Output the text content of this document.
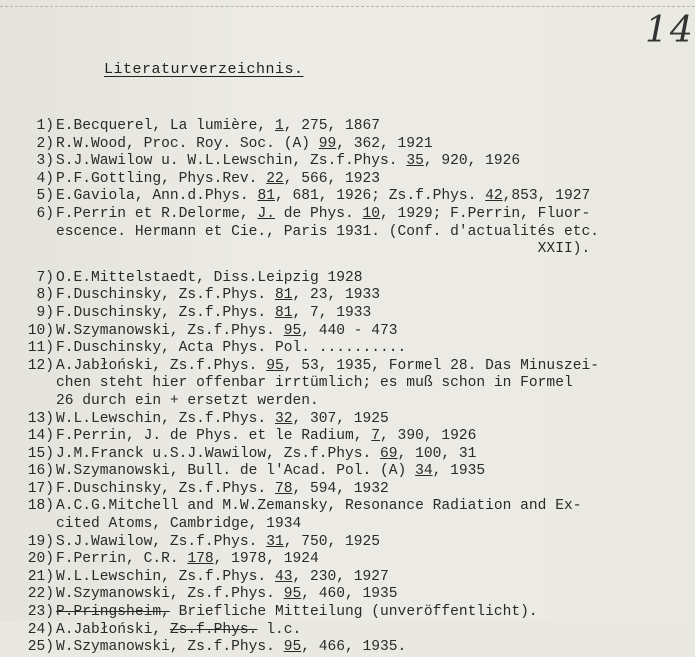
14
Literaturverzeichnis.
1) E.Becquerel, La lumière, 1, 275, 1867
2) R.W.Wood, Proc. Roy. Soc. (A) 99, 362, 1921
3) S.J.Wawilow u. W.L.Lewschin, Zs.f.Phys. 35, 920, 1926
4) P.F.Gottling, Phys.Rev. 22, 566, 1923
5) E.Gaviola, Ann.d.Phys. 81, 681, 1926; Zs.f.Phys. 42,853, 1927
6) F.Perrin et R.Delorme, J. de Phys. 10, 1929; F.Perrin, Fluor-
escence. Hermann et Cie., Paris 1931. (Conf. d'actualités etc.
XXII).
7) O.E.Mittelstaedt, Diss.Leipzig 1928
8) F.Duschinsky, Zs.f.Phys. 81, 23, 1933
9) F.Duschinsky, Zs.f.Phys. 81, 7, 1933
10) W.Szymanowski, Zs.f.Phys. 95, 440 - 473
11) F.Duschinsky, Acta Phys. Pol. ..........
12) A.Jabłoński, Zs.f.Phys. 95, 53, 1935, Formel 28. Das Minuszei-
chen steht hier offenbar irrtümlich; es muß schon in Formel
26 durch ein + ersetzt werden.
13) W.L.Lewschin, Zs.f.Phys. 32, 307, 1925
14) F.Perrin, J. de Phys. et le Radium, 7, 390, 1926
15) J.M.Franck u.S.J.Wawilow, Zs.f.Phys. 69, 100, 31
16) W.Szymanowski, Bull. de l'Acad. Pol. (A) 34, 1935
17) F.Duschinsky, Zs.f.Phys. 78, 594, 1932
18) A.C.G.Mitchell and M.W.Zemansky, Resonance Radiation and Ex-
cited Atoms, Cambridge, 1934
19) S.J.Wawilow, Zs.f.Phys. 31, 750, 1925
20) F.Perrin, C.R. 178, 1978, 1924
21) W.L.Lewschin, Zs.f.Phys. 43, 230, 1927
22) W.Szymanowski, Zs.f.Phys. 95, 460, 1935
23) P.Pringsheim, Briefliche Mitteilung (unveröffentlicht).
24) A.Jabłoński, Zs.f.Phys. l.c.
25) W.Szymanowski, Zs.f.Phys. 95, 466, 1935.
